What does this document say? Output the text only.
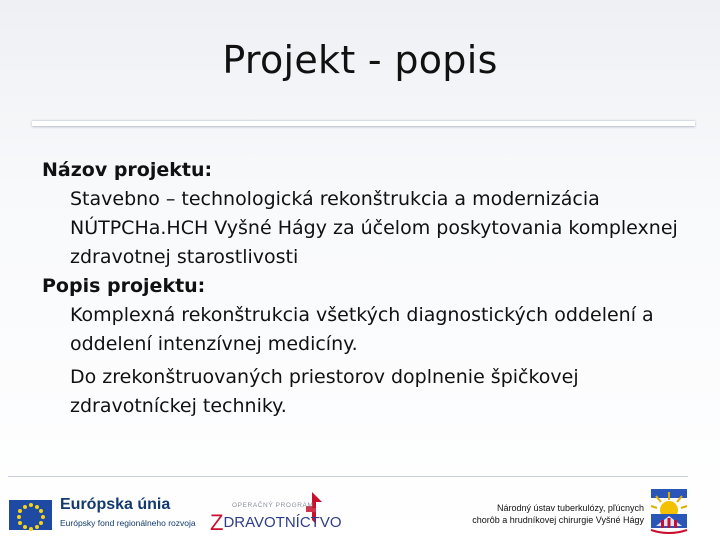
Projekt - popis

Názov projektu:

Stavebno – technologická rekonštrukcia a modernizácia NÚTPCHa.HCH Vyšné Hágy za účelom poskytovania komplexnej zdravotnej starostlivosti

Popis projektu:

Komplexná rekonštrukcia všetkých diagnostických oddelení a oddelení intenzívnej medicíny.

Do zrekonštruovaných priestorov doplnenie špičkovej zdravotníckej techniky.

Európska únia
Európsky fond regionálneho rozvoja
OPERAČNÝ PROGRAM
ZDRAVOTNÍCTVO
Národný ústav tuberkulózy, pľúcnych
chorôb a hrudníkovej chirurgie Vyšné Hágy
